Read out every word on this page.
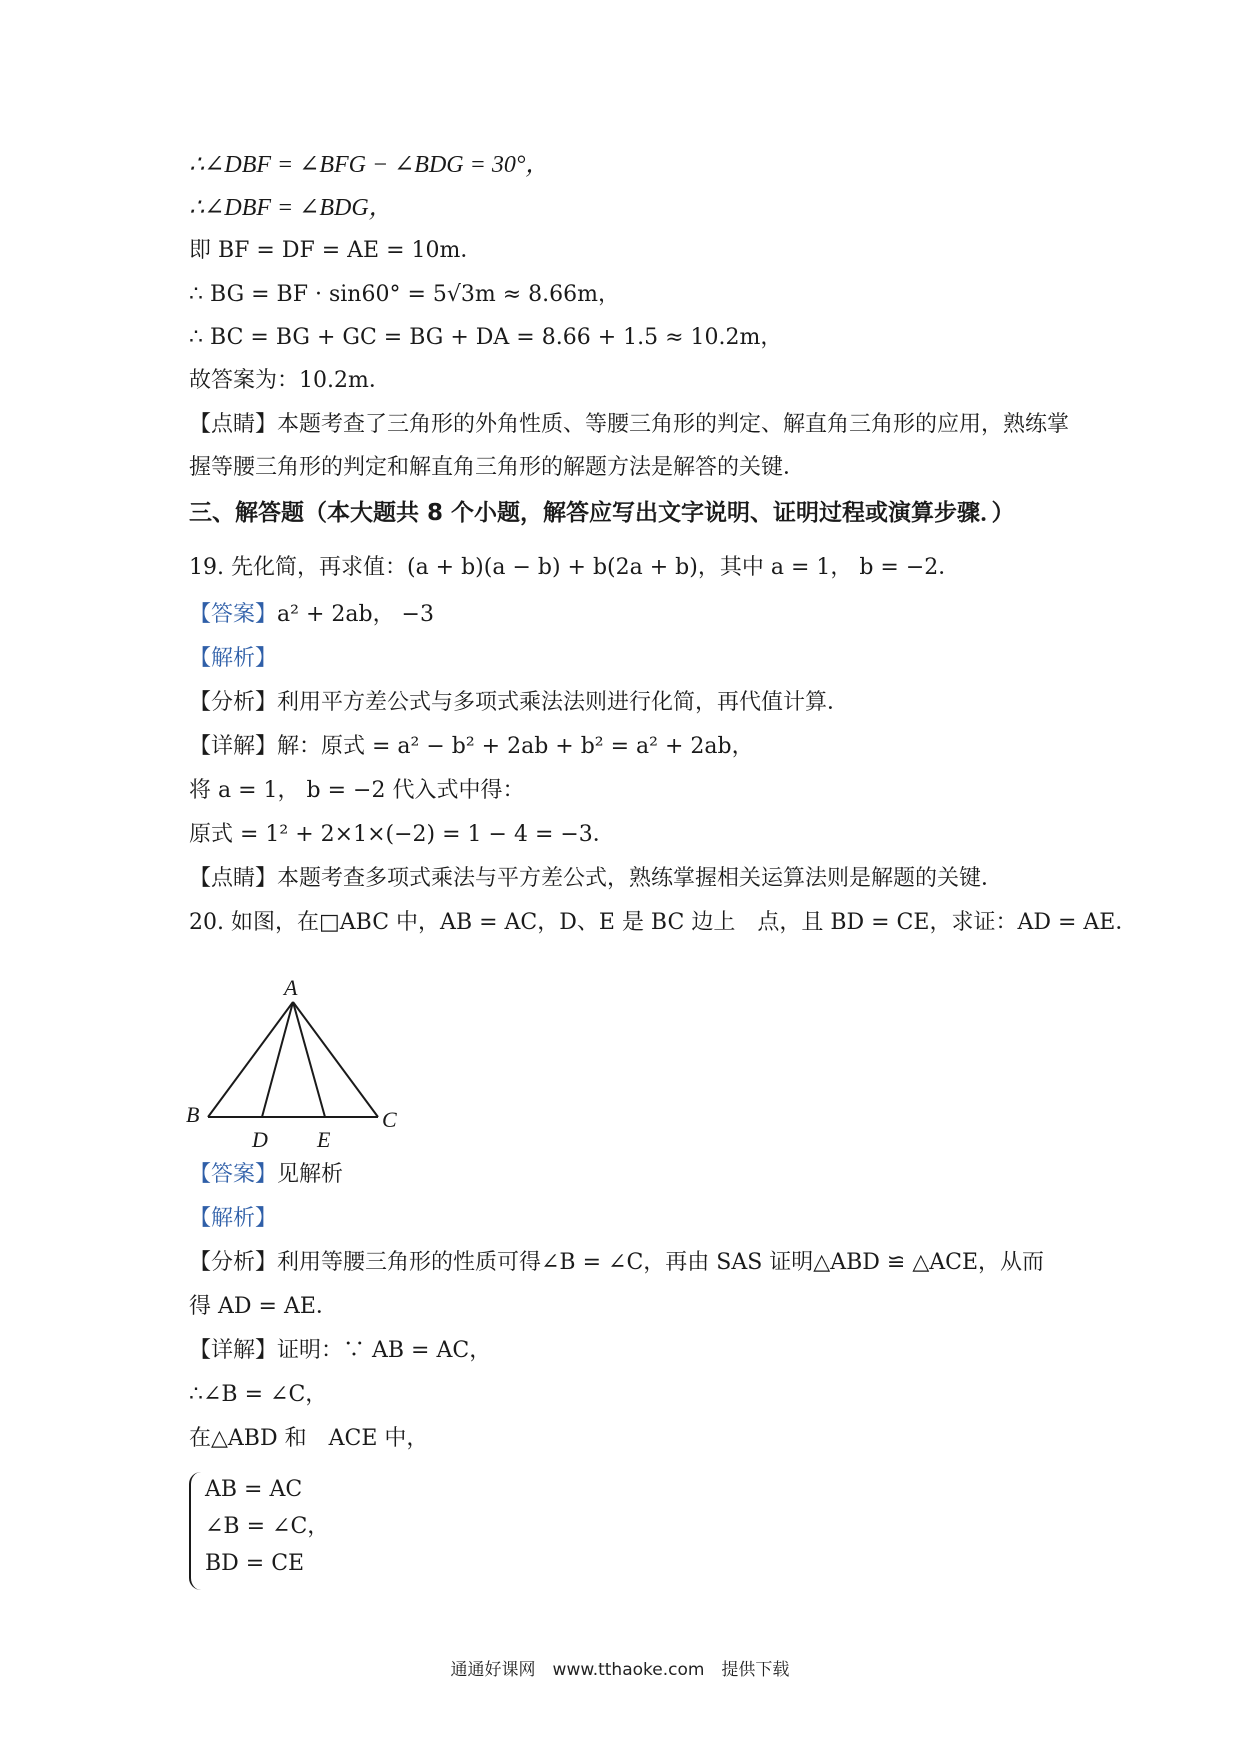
∴∠DBF = ∠BFG − ∠BDG = 30°，
∴∠DBF = ∠BDG，
即 BF = DF = AE = 10m．
∴ BG = BF · sin60° = 5√3m ≈ 8.66m，
∴ BC = BG + GC = BG + DA = 8.66 + 1.5 ≈ 10.2m，
故答案为：10.2m．
【点睛】本题考查了三角形的外角性质、等腰三角形的判定、解直角三角形的应用，熟练掌
握等腰三角形的判定和解直角三角形的解题方法是解答的关键．
三、解答题（本大题共 8 个小题，解答应写出文字说明、证明过程或演算步骤．）
19. 先化简，再求值：(a + b)(a − b) + b(2a + b)，其中 a = 1， b = −2．
【答案】a² + 2ab， −3
【解析】
【分析】利用平方差公式与多项式乘法法则进行化简，再代值计算．
【详解】解：原式 = a² − b² + 2ab + b² = a² + 2ab，
将 a = 1， b = −2 代入式中得：
原式 = 1² + 2×1×(−2) = 1 − 4 = −3．
【点睛】本题考查多项式乘法与平方差公式，熟练掌握相关运算法则是解题的关键．
20. 如图，在□ABC 中，AB = AC，D、E 是 BC 边上　点，且 BD = CE，求证：AD = AE．
A
B	C
D E
【答案】见解析
【解析】
【分析】利用等腰三角形的性质可得∠B = ∠C，再由 SAS 证明△ABD ≌ △ACE，从而
得 AD = AE．
【详解】证明：∵ AB = AC，
∴∠B = ∠C，
在△ABD 和　ACE 中，
AB = AC
∠B = ∠C，
BD = CE
通通好课网　www.tthaoke.com　提供下载
